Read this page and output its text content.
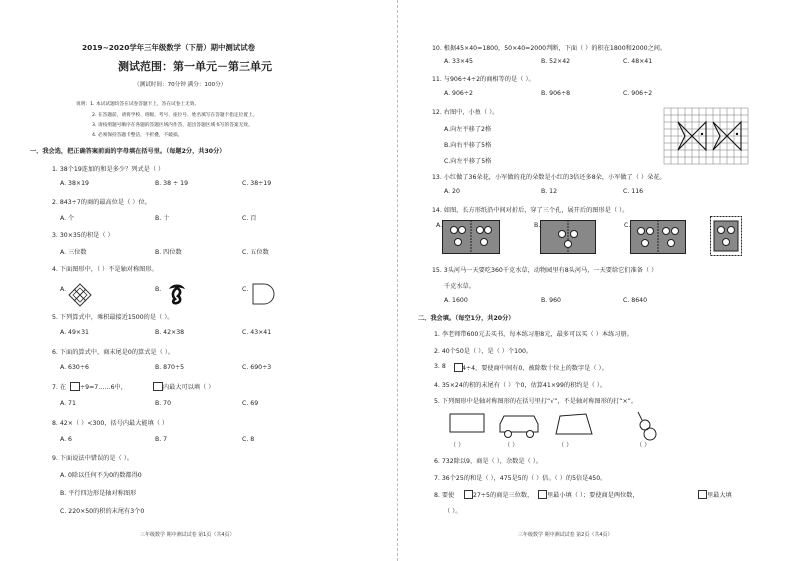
2019~2020学年三年级数学（下册）期中测试试卷
测试范围：第一单元－第三单元
（测试时间：70分钟 满分：100分）
说明：1. 本试试题均答在试卷答题卡上，答在试卷上无效。
2. 在答题前，请将学校、班级、考号、座位号、姓名填写在答题卡指定位置上。
3. 请按照题号顺序在各题的答题区域内作答，超出答题区域书写的答案无效。
4. 必须保持答题卡整洁，不折叠，不破损。
一、我会选，把正确答案前面的字母填在括号里。（每题2分，共30分）
1. 38个19连加的和是多少？列式是（ ）
A. 38×19	B. 38 ÷ 19	C. 38÷19
2. 843÷7的商的最高位是（ ）位。
A. 个	B. 十	C. 百
3. 30×35的积是（ ）
A. 三位数	B. 四位数	C. 五位数
4. 下面图形中，（ ）不是轴对称图形。
A.	B.	C.
5. 下列算式中，乘积最接近1500的是（ ）。
A. 49×31	B. 42×38	C. 43×41
6. 下面的算式中，商末尾是0的算式是（ ）。
A. 630÷6	B. 870÷5	C. 690÷3
7. 在 ÷9=7……6中，	内最大可以填（ ）
A. 71	B. 70	C. 69
8. 42×（ ）<300，括号内最大能填（ ）
A. 6	B. 7	C. 8
9. 下面说法中错误的是（ ）。
A. 0除以任何不为0的数都得0
B. 平行四边形是轴对称图形
C. 220×50的积的末尾有3个0
三年级数学 期中测试试卷 第1页（共4页）
10. 根据45×40=1800，50×40=2000判断，下面（ ）的积在1800和2000之间。
A. 33×45	B. 52×42	C. 48×41
11. 与906÷4÷2的商相等的是（ ）。
A. 906÷2	B. 906÷8	C. 906÷2
12. 右图中，小鱼（ ）。
A.向左平移了2格
B.向右平移了5格
C.向左平移了5格
13. 小红做了36朵花，小军做的花的朵数是小红的3倍还多8朵，小军做了（ ）朵花。
A. 20	B. 12	C. 116
14. 如图，长方形纸沿中间对折后，穿了三个孔，展开后的图形是（ ）。
A.	B.	C.
15. 3头河马一天要吃360千克水草，动物园里有8头河马，一天要给它们准备（ ）
千克水草。
A. 1600	B. 960	C. 8640
二、我会填。（每空1分，共20分）
1. 李老师带600元去买书，每本练习册8元，最多可以买（ ）本练习册。
2. 40个50是（ ），是（ ）个100。
3. 8	4÷4，要使商中间有0，被除数十位上的数字是（ ）。
4. 35×24的积的末尾有（ ）个0，估算41×99的积约是（ ）。
5. 下列图形中是轴对称图形的在括号里打“√”，不是轴对称图形的打“×”。
（ ）	（ ）	（ ）	（ ）
6. 732除以9，商是（ ），余数是（ ）。
7. 36个25的和是（ ），475是5的（ ）倍。（ ）的5倍是450。
8. 要使	27÷5的商是三位数， 里最小填（ ）；要使商是两位数，	里最大填
（ ）。
三年级数学 期中测试试卷 第2页（共4页）
